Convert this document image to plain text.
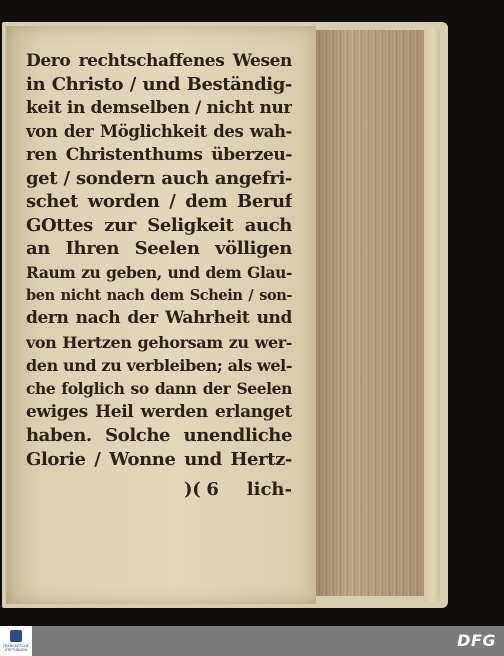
Dero rechtschaffenes Wesen
in Christo / und Beständig-
keit in demselben / nicht nur
von der Möglichkeit des wah-
ren Christenthums überzeu-
get / sondern auch angefri-
schet worden / dem Beruf
GOttes zur Seligkeit auch
an Ihren Seelen völligen
Raum zu geben, und dem Glau-
ben nicht nach dem Schein / son-
dern nach der Wahrheit und
von Hertzen gehorsam zu wer-
den und zu verbleiben; als wel-
che folglich so dann der Seelen
ewiges Heil werden erlanget
haben. Solche unendliche
Glorie / Wonne und Hertz-
)( 6 lich-
FRANCKESCHE STIFTUNGEN	DFG
